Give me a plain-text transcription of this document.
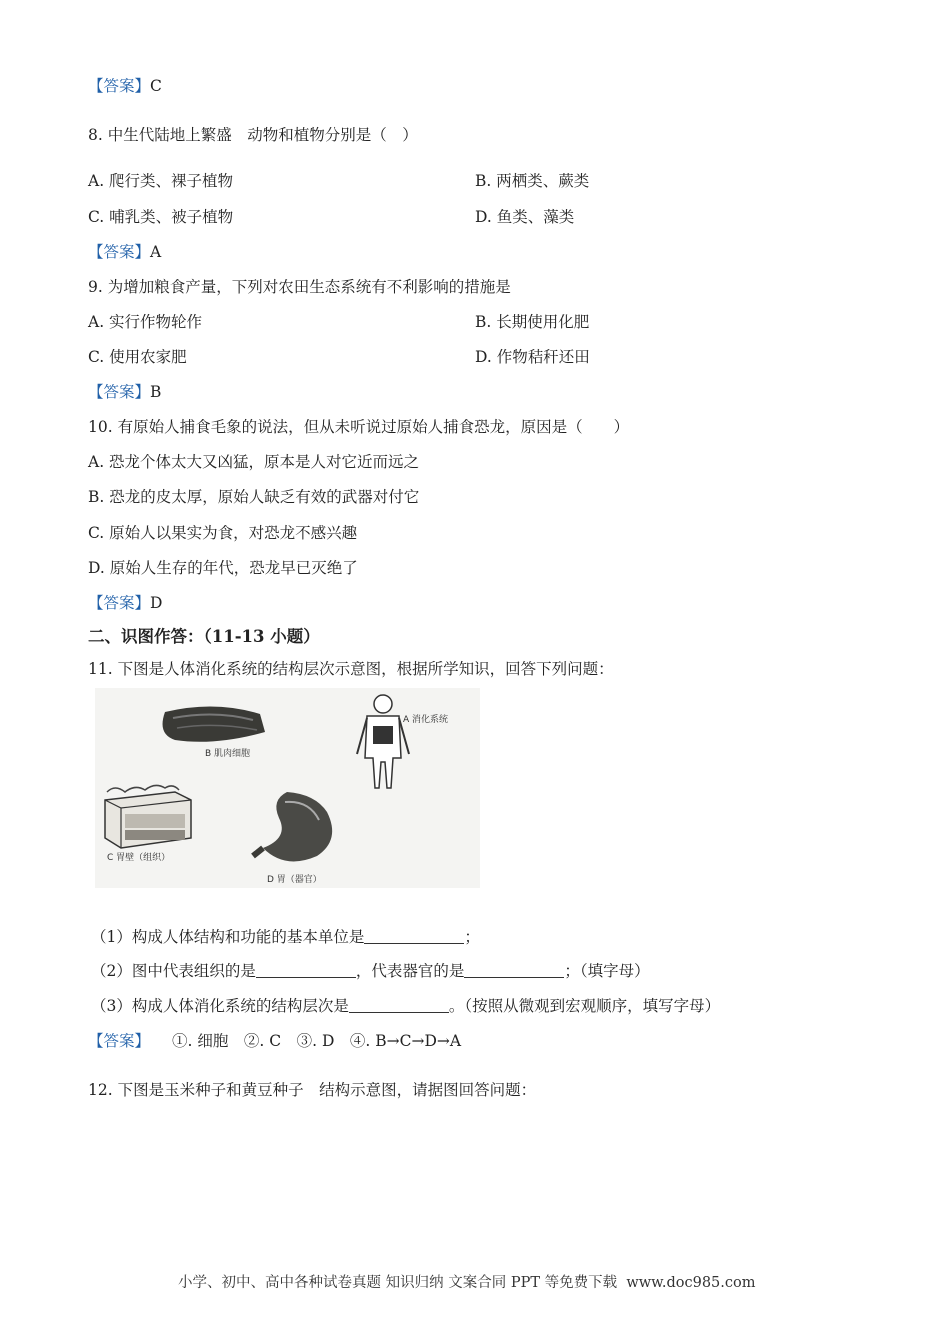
【答案】C
8. 中生代陆地上繁盛　动物和植物分别是（　）
A. 爬行类、裸子植物	B. 两栖类、蕨类
C. 哺乳类、被子植物	D. 鱼类、藻类
【答案】A
9. 为增加粮食产量，下列对农田生态系统有不利影响的措施是
A. 实行作物轮作	B. 长期使用化肥
C. 使用农家肥	D. 作物秸秆还田
【答案】B
10. 有原始人捕食毛象的说法，但从未听说过原始人捕食恐龙，原因是（　　）
A. 恐龙个体太大又凶猛，原本是人对它近而远之
B. 恐龙的皮太厚，原始人缺乏有效的武器对付它
C. 原始人以果实为食，对恐龙不感兴趣
D. 原始人生存的年代，恐龙早已灭绝了
【答案】D
二、识图作答：（11-13 小题）
11. 下图是人体消化系统的结构层次示意图，根据所学知识，回答下列问题：
A 消化系统
B 肌肉细胞
C 胃壁（组织）
D 胃（器官）
（1）构成人体结构和功能的基本单位是	；
（2）图中代表组织的是	，代表器官的是	；（填字母）
（3）构成人体消化系统的结构层次是	。（按照从微观到宏观顺序，填写字母）
【答案】 ①. 细胞　②. C　③. D　④. B→C→D→A
12. 下图是玉米种子和黄豆种子　结构示意图，请据图回答问题：
小学、初中、高中各种试卷真题 知识归纳 文案合同 PPT 等免费下载  www.doc985.com
